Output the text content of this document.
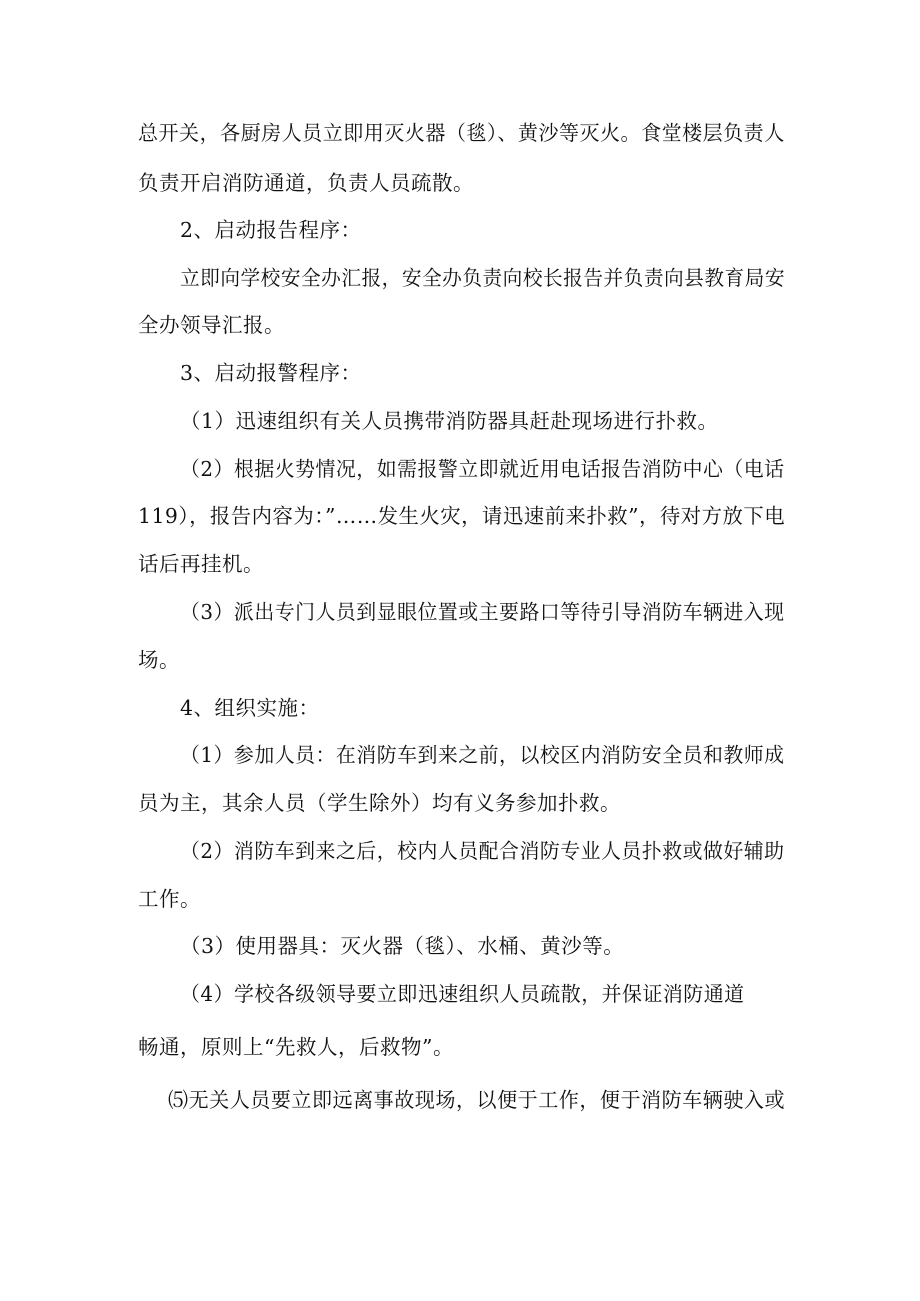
总开关，各厨房人员立即用灭火器（毯）、黄沙等灭火。食堂楼层负责人
负责开启消防通道，负责人员疏散。
2、启动报告程序：
立即向学校安全办汇报，安全办负责向校长报告并负责向县教育局安
全办领导汇报。
3、启动报警程序：
（1）迅速组织有关人员携带消防器具赶赴现场进行扑救。
（2）根据火势情况，如需报警立即就近用电话报告消防中心（电话
119），报告内容为：”……发生火灾，请迅速前来扑救”，待对方放下电
话后再挂机。
（3）派出专门人员到显眼位置或主要路口等待引导消防车辆进入现
场。
4、组织实施：
（1）参加人员：在消防车到来之前，以校区内消防安全员和教师成
员为主，其余人员（学生除外）均有义务参加扑救。
（2）消防车到来之后，校内人员配合消防专业人员扑救或做好辅助
工作。
（3）使用器具：灭火器（毯）、水桶、黄沙等。
（4）学校各级领导要立即迅速组织人员疏散，并保证消防通道
畅通，原则上“先救人，后救物”。
⑸无关人员要立即远离事故现场，以便于工作，便于消防车辆驶入或
